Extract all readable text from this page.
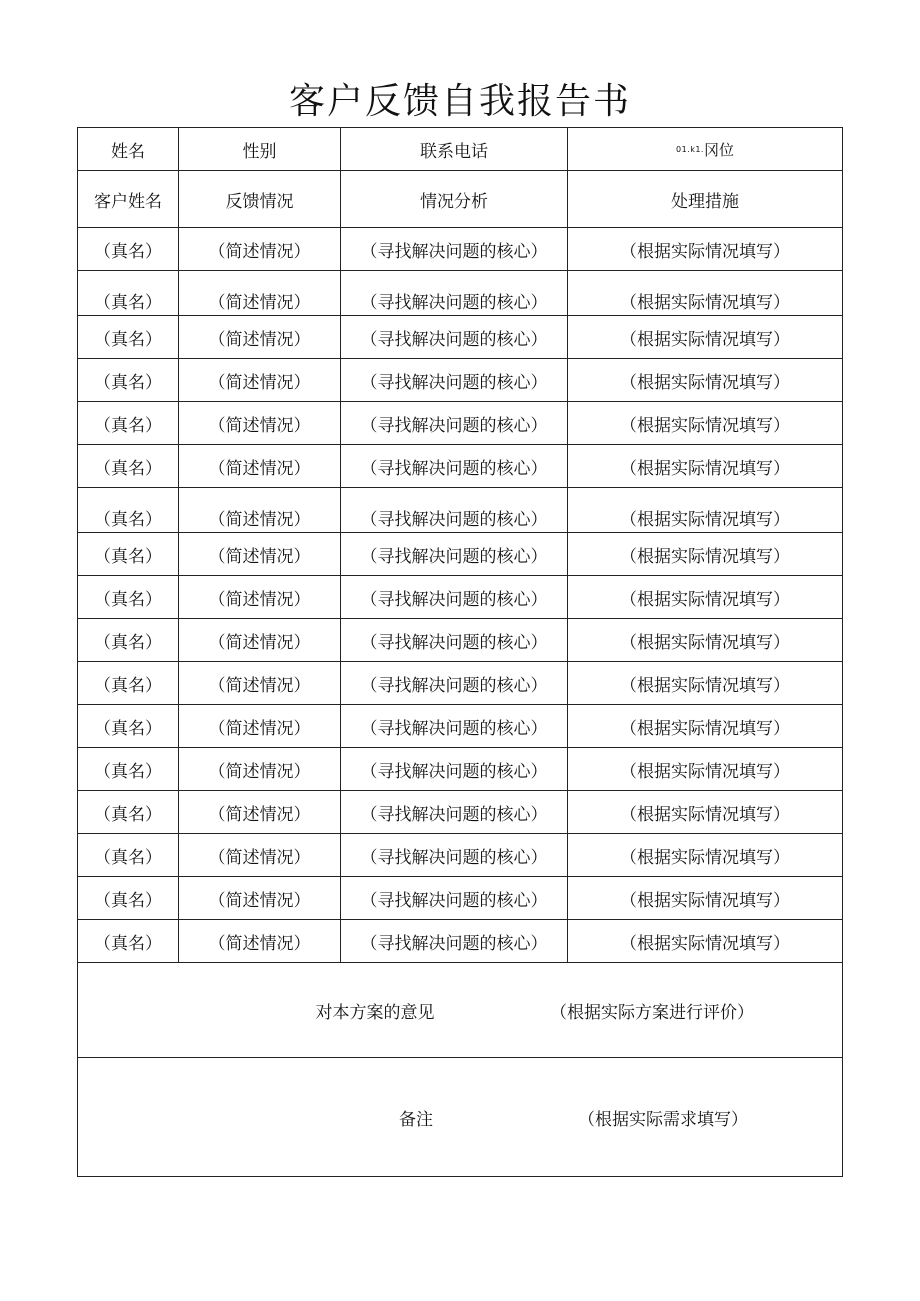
客户反馈自我报告书
姓名	性别	联系电话	01.k1.冈位
客户姓名	反馈情况	情况分析	处理措施
（真名）	（简述情况）	（寻找解决问题的核心）	（根据实际情况填写）
（真名）	（简述情况）	（寻找解决问题的核心）	（根据实际情况填写）
（真名）	（简述情况）	（寻找解决问题的核心）	（根据实际情况填写）
（真名）	（简述情况）	（寻找解决问题的核心）	（根据实际情况填写）
（真名）	（简述情况）	（寻找解决问题的核心）	（根据实际情况填写）
（真名）	（简述情况）	（寻找解决问题的核心）	（根据实际情况填写）
（真名）	（简述情况）	（寻找解决问题的核心）	（根据实际情况填写）
（真名）	（简述情况）	（寻找解决问题的核心）	（根据实际情况填写）
（真名）	（简述情况）	（寻找解决问题的核心）	（根据实际情况填写）
（真名）	（简述情况）	（寻找解决问题的核心）	（根据实际情况填写）
（真名）	（简述情况）	（寻找解决问题的核心）	（根据实际情况填写）
（真名）	（简述情况）	（寻找解决问题的核心）	（根据实际情况填写）
（真名）	（简述情况）	（寻找解决问题的核心）	（根据实际情况填写）
（真名）	（简述情况）	（寻找解决问题的核心）	（根据实际情况填写）
（真名）	（简述情况）	（寻找解决问题的核心）	（根据实际情况填写）
（真名）	（简述情况）	（寻找解决问题的核心）	（根据实际情况填写）
（真名）	（简述情况）	（寻找解决问题的核心）	（根据实际情况填写）
对本方案的意见 （根据实际方案进行评价）			
备注 （根据实际需求填写）			
